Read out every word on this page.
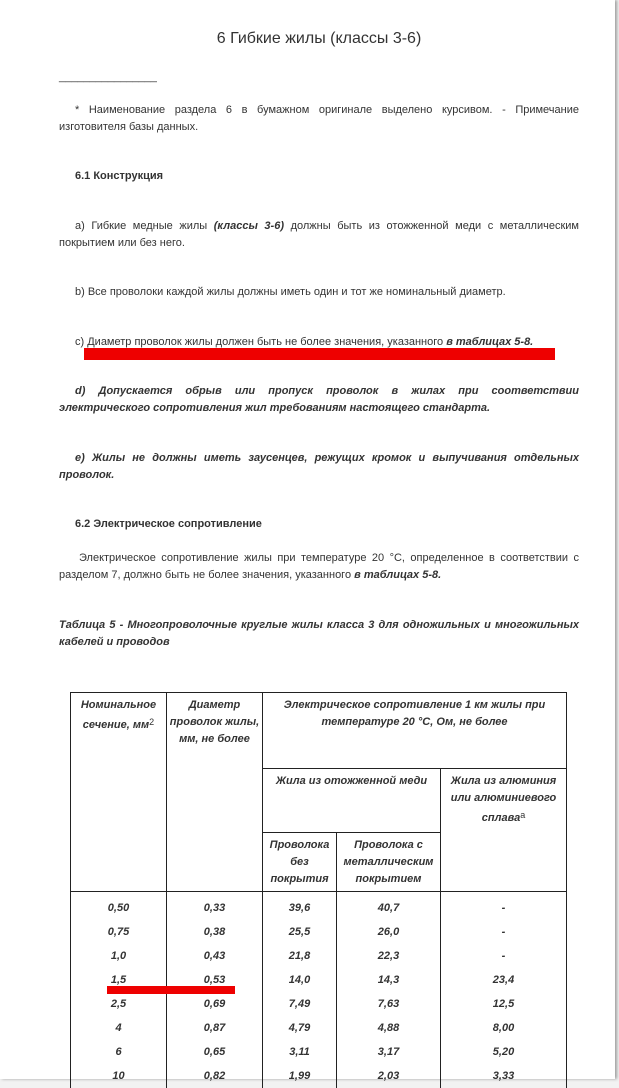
6 Гибкие жилы (классы 3-6)
________________
* Наименование раздела 6 в бумажном оригинале выделено курсивом. - Примечание изготовителя базы данных.
6.1 Конструкция
a) Гибкие медные жилы (классы 3-6) должны быть из отожженной меди с металлическим покрытием или без него.
b) Все проволоки каждой жилы должны иметь один и тот же номинальный диаметр.
c) Диаметр проволок жилы должен быть не более значения, указанного в таблицах 5-8.
d) Допускается обрыв или пропуск проволок в жилах при соответствии электрического сопротивления жил требованиям настоящего стандарта.
e) Жилы не должны иметь заусенцев, режущих кромок и выпучивания отдельных проволок.
6.2 Электрическое сопротивление
Электрическое сопротивление жилы при температуре 20 °С, определенное в соответствии с разделом 7, должно быть не более значения, указанного в таблицах 5-8.
Таблица 5 - Многопроволочные круглые жилы класса 3 для одножильных и многожильных кабелей и проводов
Номинальное сечение, $мм^2$	Диаметр проволок жилы, мм, не более	Электрическое сопротивление 1 км жилы при температуре 20 °С, Ом, не более		
		Жила из отожженной меди		Жила из алюминия или алюминиевого сплава$^а$
		Проволока без покрытия	Проволока с металлическим покрытием	
0,50	0,33	39,6	40,7	-
0,75	0,38	25,5	26,0	-
1,0	0,43	21,8	22,3	-
1,5	0,53	14,0	14,3	23,4
2,5	0,69	7,49	7,63	12,5
4	0,87	4,79	4,88	8,00
6	0,65	3,11	3,17	5,20
10	0,82	1,99	2,03	3,33
